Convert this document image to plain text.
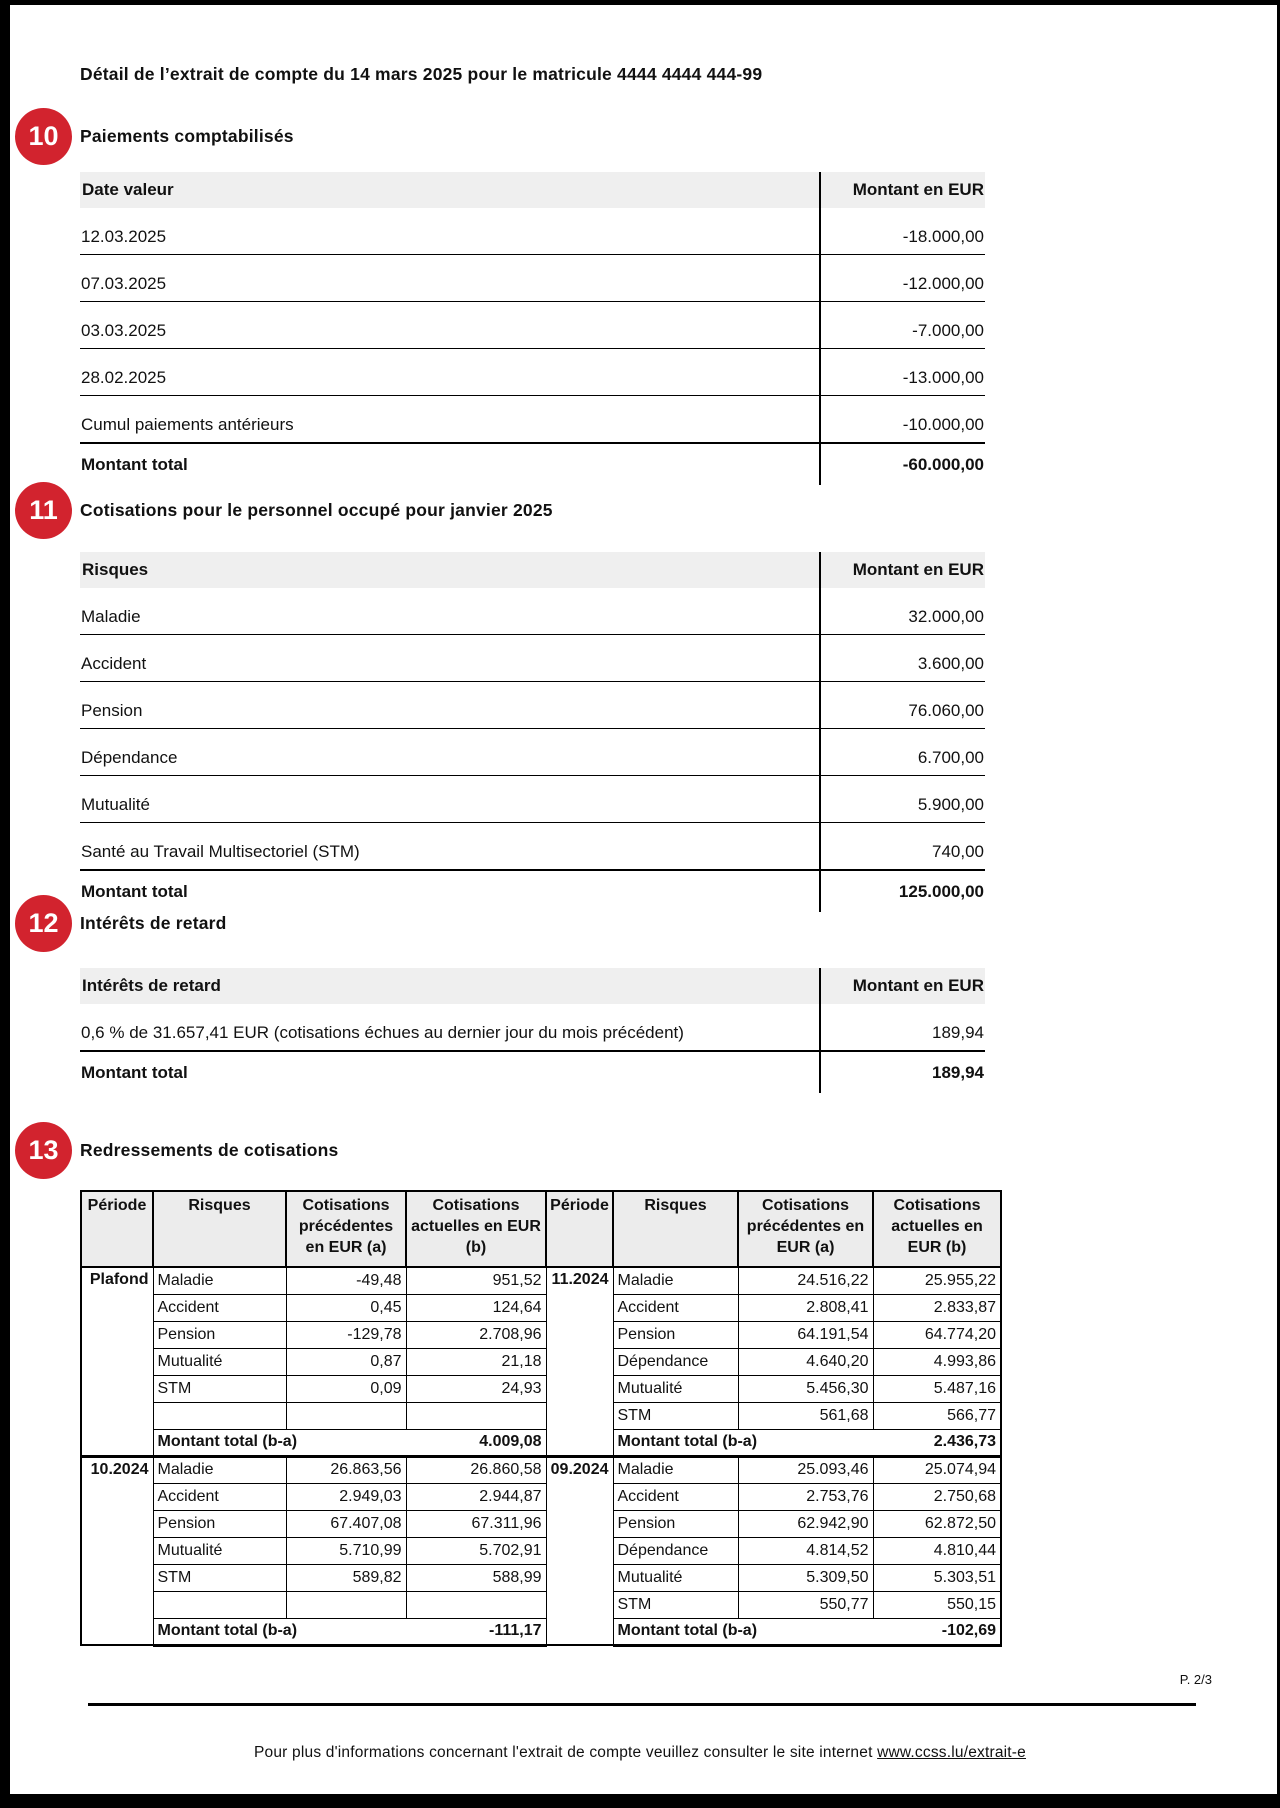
Détail de l’extrait de compte du 14 mars 2025 pour le matricule 4444 4444 444-99
10 Paiements comptabilisés
Date valeur	Montant en EUR
12.03.2025	-18.000,00
07.03.2025	-12.000,00
03.03.2025	-7.000,00
28.02.2025	-13.000,00
Cumul paiements antérieurs	-10.000,00
Montant total	-60.000,00
11 Cotisations pour le personnel occupé pour janvier 2025
Risques	Montant en EUR
Maladie	32.000,00
Accident	3.600,00
Pension	76.060,00
Dépendance	6.700,00
Mutualité	5.900,00
Santé au Travail Multisectoriel (STM)	740,00
Montant total	125.000,00
12 Intérêts de retard
Intérêts de retard	Montant en EUR
0,6 % de 31.657,41 EUR (cotisations échues au dernier jour du mois précédent)	189,94
Montant total	189,94
13 Redressements de cotisations
Période	Risques	Cotisations précédentes en EUR (a)	Cotisations actuelles en EUR (b)	Période	Risques	Cotisations précédentes en EUR (a)	Cotisations actuelles en EUR (b)
Plafond	Maladie	-49,48	951,52	11.2024	Maladie	24.516,22	25.955,22
	Accident	0,45	124,64		Accident	2.808,41	2.833,87
	Pension	-129,78	2.708,96		Pension	64.191,54	64.774,20
	Mutualité	0,87	21,18		Dépendance	4.640,20	4.993,86
	STM	0,09	24,93		Mutualité	5.456,30	5.487,16
					STM	561,68	566,77
	Montant total (b-a)		4.009,08		Montant total (b-a)		2.436,73
10.2024	Maladie	26.863,56	26.860,58	09.2024	Maladie	25.093,46	25.074,94
	Accident	2.949,03	2.944,87		Accident	2.753,76	2.750,68
	Pension	67.407,08	67.311,96		Pension	62.942,90	62.872,50
	Mutualité	5.710,99	5.702,91		Dépendance	4.814,52	4.810,44
	STM	589,82	588,99		Mutualité	5.309,50	5.303,51
					STM	550,77	550,15
	Montant total (b-a)		-111,17		Montant total (b-a)		-102,69
P. 2/3
Pour plus d'informations concernant l'extrait de compte veuillez consulter le site internet www.ccss.lu/extrait-e
